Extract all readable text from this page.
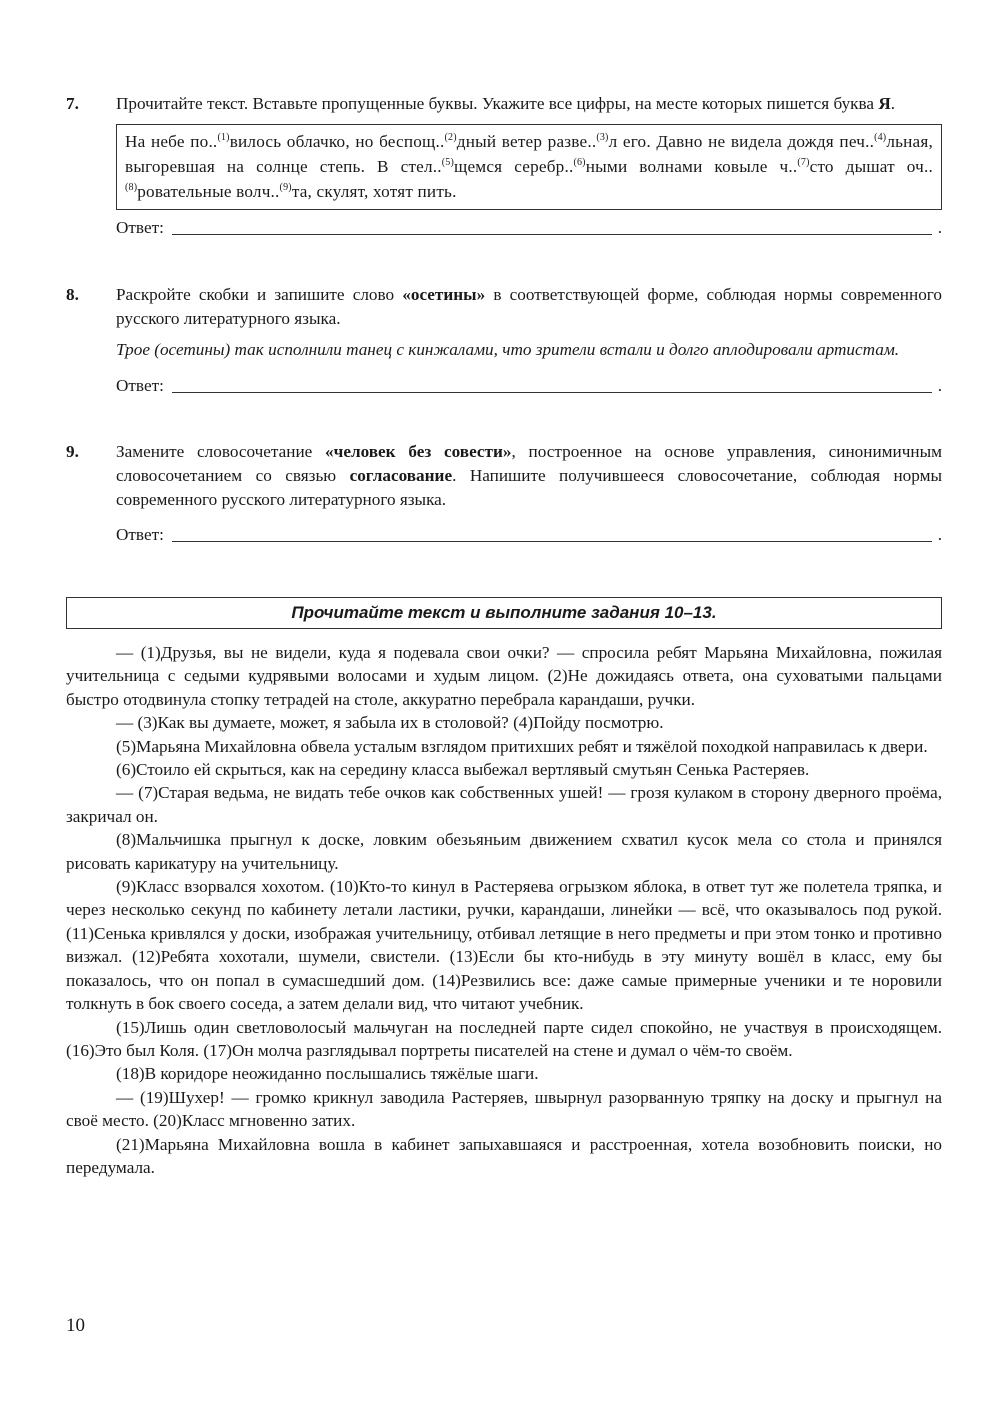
7. Прочитайте текст. Вставьте пропущенные буквы. Укажите все цифры, на месте которых пишется буква Я.

На небе по..$^{(1)}$вилось облачко, но беспощ..$^{(2)}$дный ветер разве..$^{(3)}$л его. Давно не видела дождя печ..$^{(4)}$льная, выгоревшая на солнце степь. В стел..$^{(5)}$щемся серебр..$^{(6)}$ными волнами ковыле ч..$^{(7)}$сто дышат оч..$^{(8)}$ровательные волч..$^{(9)}$та, скулят, хотят пить.
Ответ:	.
8. Раскройте скобки и запишите слово «осетины» в соответствующей форме, соблюдая нормы современного русского литературного языка.

Трое (осетины) так исполнили танец с кинжалами, что зрители встали и долго аплодировали артистам.

Ответ:	.
9. Замените словосочетание «человек без совести», построенное на основе управления, синонимичным словосочетанием со связью согласование. Напишите получившееся словосочетание, соблюдая нормы современного русского литературного языка.

Ответ:	.
Прочитайте текст и выполните задания 10–13.

— (1)Друзья, вы не видели, куда я подевала свои очки? — спросила ребят Марьяна Михайловна, пожилая учительница с седыми кудрявыми волосами и худым лицом. (2)Не дожидаясь ответа, она суховатыми пальцами быстро отодвинула стопку тетрадей на столе, аккуратно перебрала карандаши, ручки.

— (3)Как вы думаете, может, я забыла их в столовой? (4)Пойду посмотрю.

(5)Марьяна Михайловна обвела усталым взглядом притихших ребят и тяжёлой походкой направилась к двери.

(6)Стоило ей скрыться, как на середину класса выбежал вертлявый смутьян Сенька Растеряев.

— (7)Старая ведьма, не видать тебе очков как собственных ушей! — грозя кулаком в сторону дверного проёма, закричал он.

(8)Мальчишка прыгнул к доске, ловким обезьяньим движением схватил кусок мела со стола и принялся рисовать карикатуру на учительницу.

(9)Класс взорвался хохотом. (10)Кто-то кинул в Растеряева огрызком яблока, в ответ тут же полетела тряпка, и через несколько секунд по кабинету летали ластики, ручки, карандаши, линейки — всё, что оказывалось под рукой. (11)Сенька кривлялся у доски, изображая учительницу, отбивал летящие в него предметы и при этом тонко и противно визжал. (12)Ребята хохотали, шумели, свистели. (13)Если бы кто-нибудь в эту минуту вошёл в класс, ему бы показалось, что он попал в сумасшедший дом. (14)Резвились все: даже самые примерные ученики и те норовили толкнуть в бок своего соседа, а затем делали вид, что читают учебник.

(15)Лишь один светловолосый мальчуган на последней парте сидел спокойно, не участвуя в происходящем. (16)Это был Коля. (17)Он молча разглядывал портреты писателей на стене и думал о чём-то своём.

(18)В коридоре неожиданно послышались тяжёлые шаги.

— (19)Шухер! — громко крикнул заводила Растеряев, швырнул разорванную тряпку на доску и прыгнул на своё место. (20)Класс мгновенно затих.

(21)Марьяна Михайловна вошла в кабинет запыхавшаяся и расстроенная, хотела возобновить поиски, но передумала.

10
